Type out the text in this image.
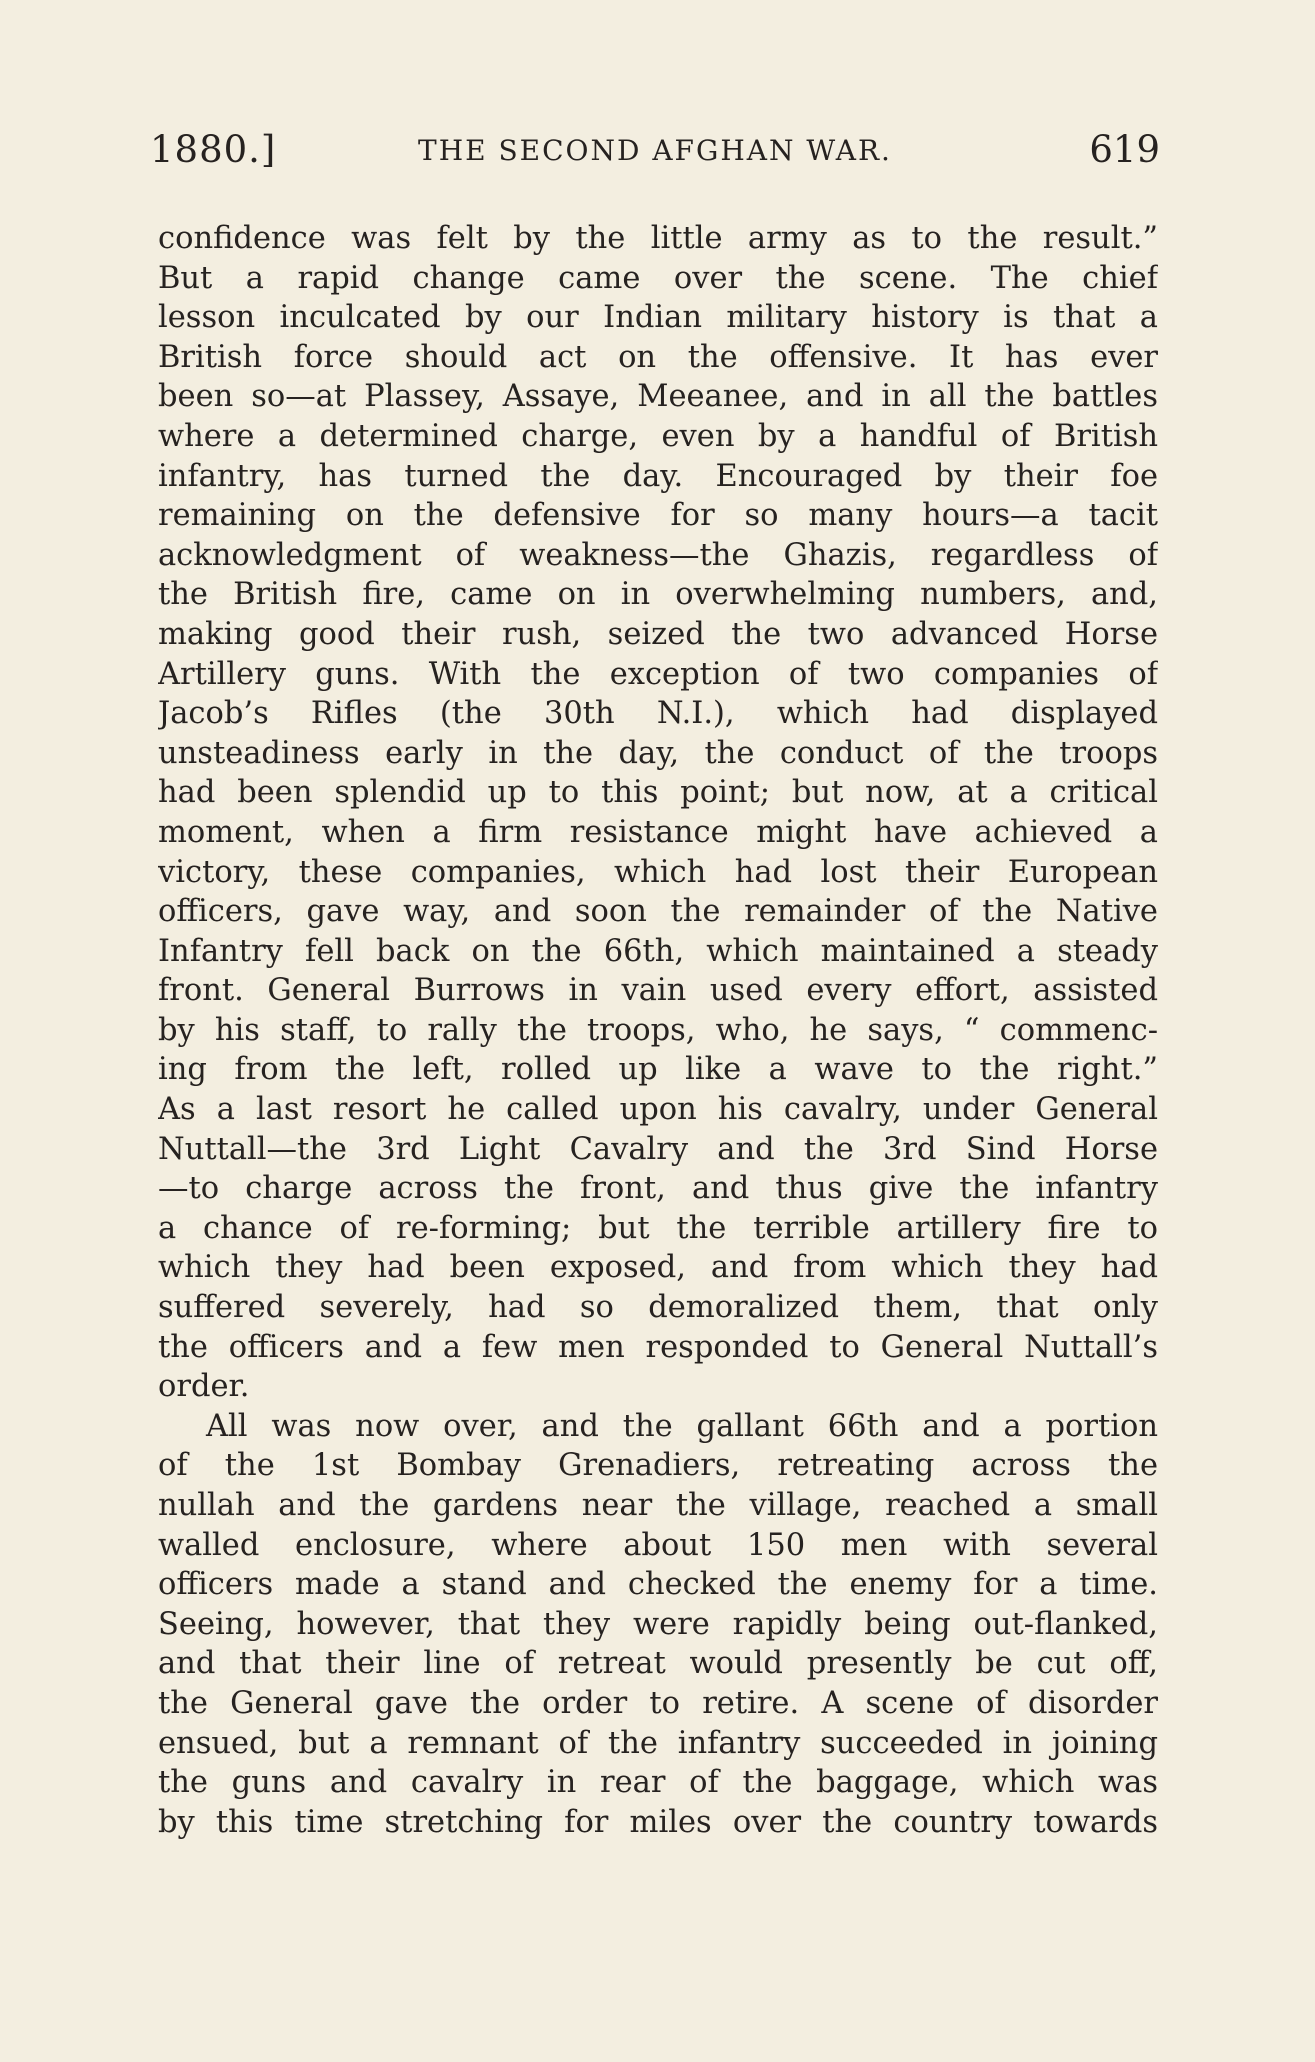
1880.]	THE SECOND AFGHAN WAR.	619
confidence was felt by the little army as to the result.”
But a rapid change came over the scene. The chief
lesson inculcated by our Indian military history is that a
British force should act on the offensive. It has ever
been so—at Plassey, Assaye, Meeanee, and in all the battles
where a determined charge, even by a handful of British
infantry, has turned the day. Encouraged by their foe
remaining on the defensive for so many hours—a tacit
acknowledgment of weakness—the Ghazis, regardless of
the British fire, came on in overwhelming numbers, and,
making good their rush, seized the two advanced Horse
Artillery guns. With the exception of two companies of
Jacob’s Rifles (the 30th N.I.), which had displayed
unsteadiness early in the day, the conduct of the troops
had been splendid up to this point; but now, at a critical
moment, when a firm resistance might have achieved a
victory, these companies, which had lost their European
officers, gave way, and soon the remainder of the Native
Infantry fell back on the 66th, which maintained a steady
front. General Burrows in vain used every effort, assisted
by his staff, to rally the troops, who, he says, “ commenc-
ing from the left, rolled up like a wave to the right.”
As a last resort he called upon his cavalry, under General
Nuttall—the 3rd Light Cavalry and the 3rd Sind Horse
—to charge across the front, and thus give the infantry
a chance of re-forming; but the terrible artillery fire to
which they had been exposed, and from which they had
suffered severely, had so demoralized them, that only
the officers and a few men responded to General Nuttall’s
order.
All was now over, and the gallant 66th and a portion
of the 1st Bombay Grenadiers, retreating across the
nullah and the gardens near the village, reached a small
walled enclosure, where about 150 men with several
officers made a stand and checked the enemy for a time.
Seeing, however, that they were rapidly being out-flanked,
and that their line of retreat would presently be cut off,
the General gave the order to retire. A scene of disorder
ensued, but a remnant of the infantry succeeded in joining
the guns and cavalry in rear of the baggage, which was
by this time stretching for miles over the country towards
